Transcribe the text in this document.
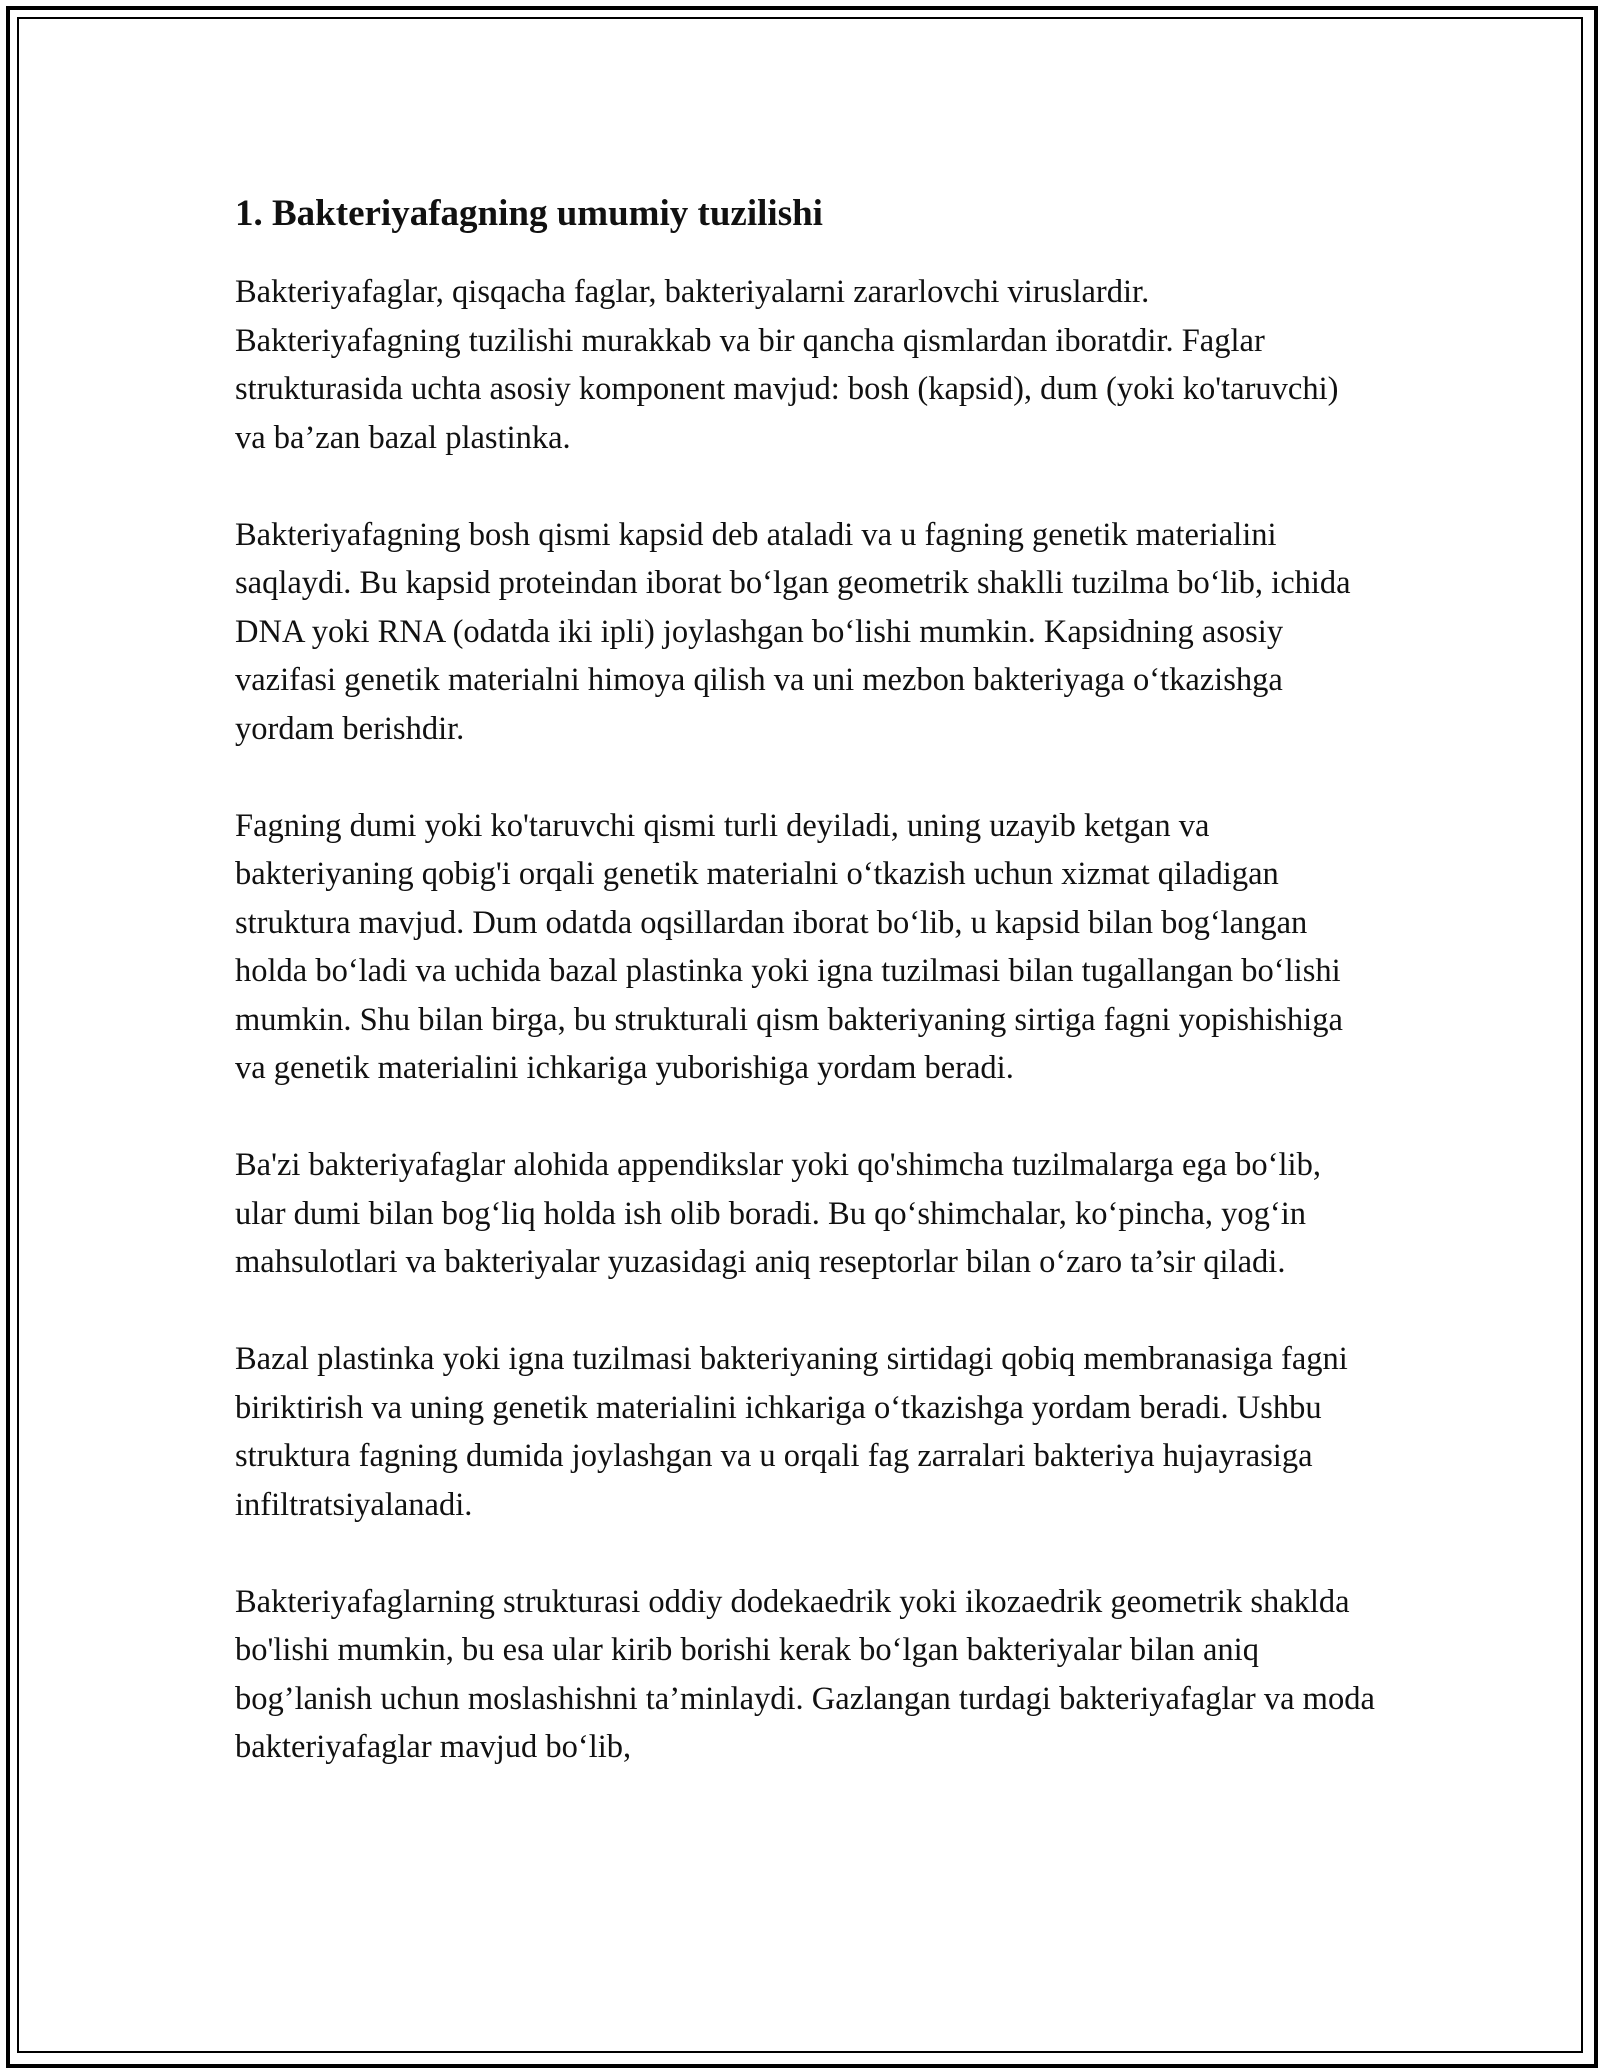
1. Bakteriyafagning umumiy tuzilishi

Bakteriyafaglar, qisqacha faglar, bakteriyalarni zararlovchi viruslardir. Bakteriyafagning tuzilishi murakkab va bir qancha qismlardan iboratdir. Faglar strukturasida uchta asosiy komponent mavjud: bosh (kapsid), dum (yoki ko'taruvchi) va ba’zan bazal plastinka.

Bakteriyafagning bosh qismi kapsid deb ataladi va u fagning genetik materialini saqlaydi. Bu kapsid proteindan iborat bo‘lgan geometrik shaklli tuzilma bo‘lib, ichida DNA yoki RNA (odatda iki ipli) joylashgan bo‘lishi mumkin. Kapsidning asosiy vazifasi genetik materialni himoya qilish va uni mezbon bakteriyaga o‘tkazishga yordam berishdir.

Fagning dumi yoki ko'taruvchi qismi turli deyiladi, uning uzayib ketgan va bakteriyaning qobig'i orqali genetik materialni o‘tkazish uchun xizmat qiladigan struktura mavjud. Dum odatda oqsillardan iborat bo‘lib, u kapsid bilan bog‘langan holda bo‘ladi va uchida bazal plastinka yoki igna tuzilmasi bilan tugallangan bo‘lishi mumkin. Shu bilan birga, bu strukturali qism bakteriyaning sirtiga fagni yopishishiga va genetik materialini ichkariga yuborishiga yordam beradi.

Ba'zi bakteriyafaglar alohida appendikslar yoki qo'shimcha tuzilmalarga ega bo‘lib, ular dumi bilan bog‘liq holda ish olib boradi. Bu qo‘shimchalar, ko‘pincha, yog‘in mahsulotlari va bakteriyalar yuzasidagi aniq reseptorlar bilan o‘zaro ta’sir qiladi.

Bazal plastinka yoki igna tuzilmasi bakteriyaning sirtidagi qobiq membranasiga fagni biriktirish va uning genetik materialini ichkariga o‘tkazishga yordam beradi. Ushbu struktura fagning dumida joylashgan va u orqali fag zarralari bakteriya hujayrasiga infiltratsiyalanadi.

Bakteriyafaglarning strukturasi oddiy dodekaedrik yoki ikozaedrik geometrik shaklda bo'lishi mumkin, bu esa ular kirib borishi kerak bo‘lgan bakteriyalar bilan aniq bog’lanish uchun moslashishni ta’minlaydi. Gazlangan turdagi bakteriyafaglar va moda bakteriyafaglar mavjud bo‘lib,
